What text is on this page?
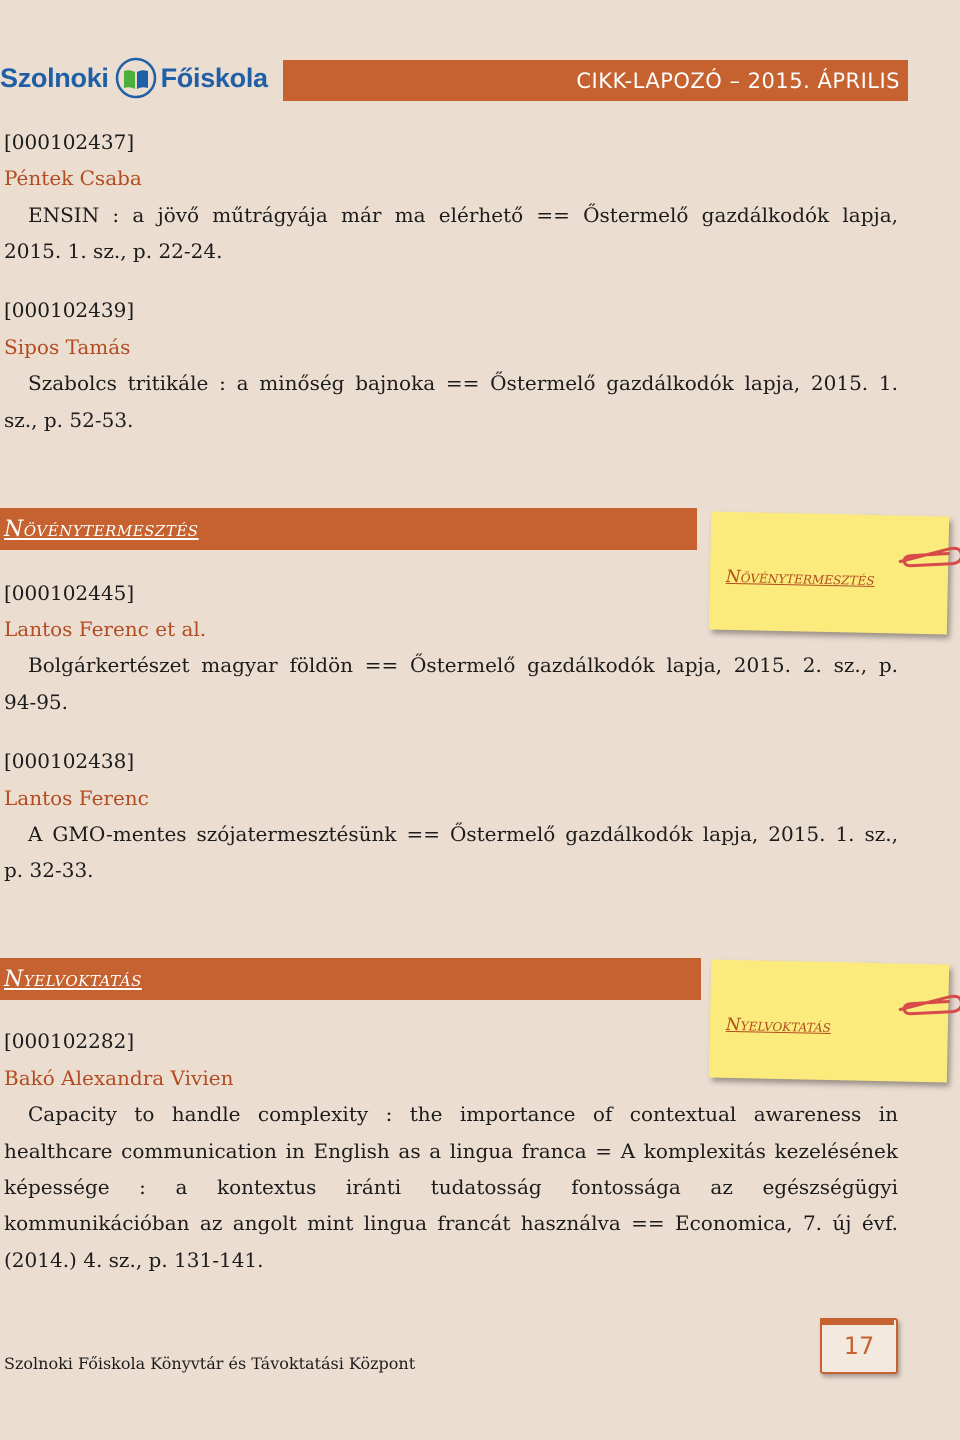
Szolnoki Főiskola	CIKK-LAPOZÓ – 2015. ÁPRILIS
[000102437]
Péntek Csaba
ENSIN : a jövő műtrágyája már ma elérhető == Őstermelő gazdálkodók lapja,
2015. 1. sz., p. 22-24.
[000102439]
Sipos Tamás
Szabolcs tritikále : a minőség bajnoka == Őstermelő gazdálkodók lapja, 2015. 1.
sz., p. 52-53.
Növénytermesztés
Növénytermesztés
[000102445]
Lantos Ferenc et al.
Bolgárkertészet magyar földön == Őstermelő gazdálkodók lapja, 2015. 2. sz., p.
94-95.
[000102438]
Lantos Ferenc
A GMO-mentes szójatermesztésünk == Őstermelő gazdálkodók lapja, 2015. 1. sz.,
p. 32-33.
Nyelvoktatás
Nyelvoktatás
[000102282]
Bakó Alexandra Vivien
Capacity to handle complexity : the importance of contextual awareness in
healthcare communication in English as a lingua franca = A komplexitás kezelésének
képessége : a kontextus iránti tudatosság fontossága az egészségügyi
kommunikációban az angolt mint lingua francát használva == Economica, 7. új évf.
(2014.) 4. sz., p. 131-141.
Szolnoki Főiskola Könyvtár és Távoktatási Központ
17
